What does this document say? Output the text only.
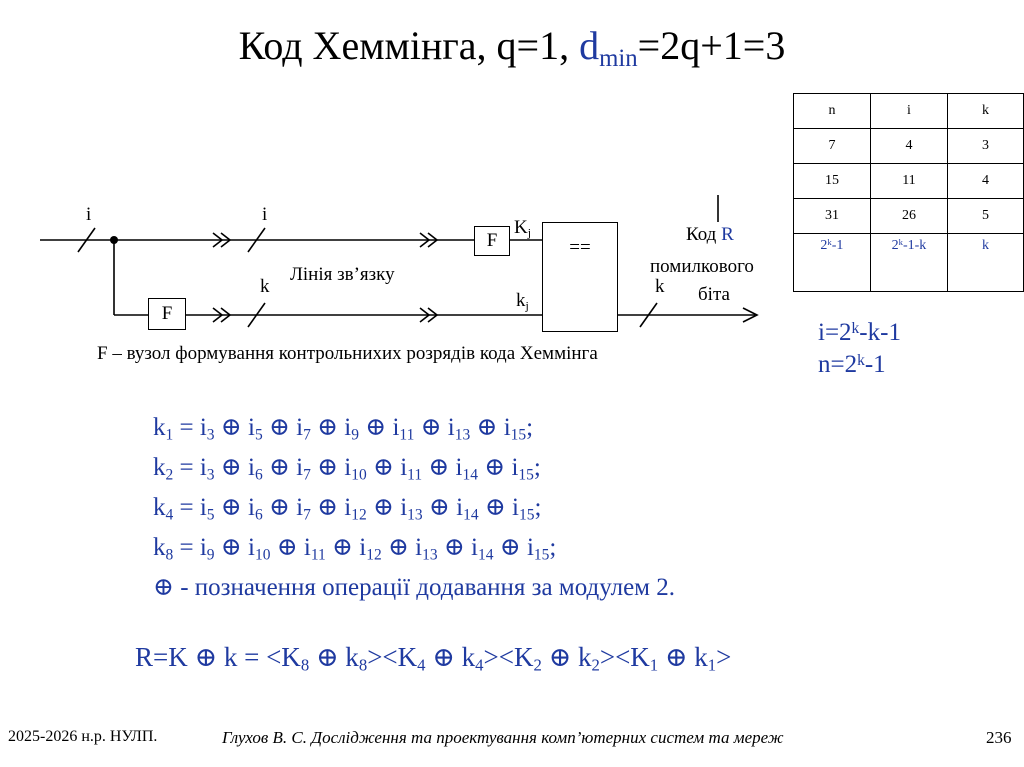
Код Хеммінга, q=1, $d_{min}=2q+1=3$
n	i	k
7	4	3
15	11	4
31	26	5
2$^k$-1	2$^k$-1-k	k
i	i
k	k
Лінія зв’язку
F
F
==
$K_j$
$k_j$
Код R
помилкового
біта
F – вузол формування контрольнихих розрядів кода Хеммінга
$i=2^k-k-1$
$n=2^k-1$
$k_1 = i_3$ ⊕ $i_5$ ⊕ $i_7$ ⊕ $i_9$ ⊕ $i_{11}$ ⊕ $i_{13}$ ⊕ $i_{15}$;
$k_2 = i_3$ ⊕ $i_6$ ⊕ $i_7$ ⊕ $i_{10}$ ⊕ $i_{11}$ ⊕ $i_{14}$ ⊕ $i_{15}$;
$k_4 = i_5$ ⊕ $i_6$ ⊕ $i_7$ ⊕ $i_{12}$ ⊕ $i_{13}$ ⊕ $i_{14}$ ⊕ $i_{15}$;
$k_8 = i_9$ ⊕ $i_{10}$ ⊕ $i_{11}$ ⊕ $i_{12}$ ⊕ $i_{13}$ ⊕ $i_{14}$ ⊕ $i_{15}$;
⊕ - позначення операції додавання за модулем 2.
R=K ⊕ $k = <K_8$ ⊕ $k_8><K_4$ ⊕ $k_4><K_2$ ⊕ $k_2><K_1$ ⊕ $k_1>$
2025-2026 н.р. НУЛП.	Глухов В. С. Дослідження та проектування комп’ютерних систем та мереж	236
